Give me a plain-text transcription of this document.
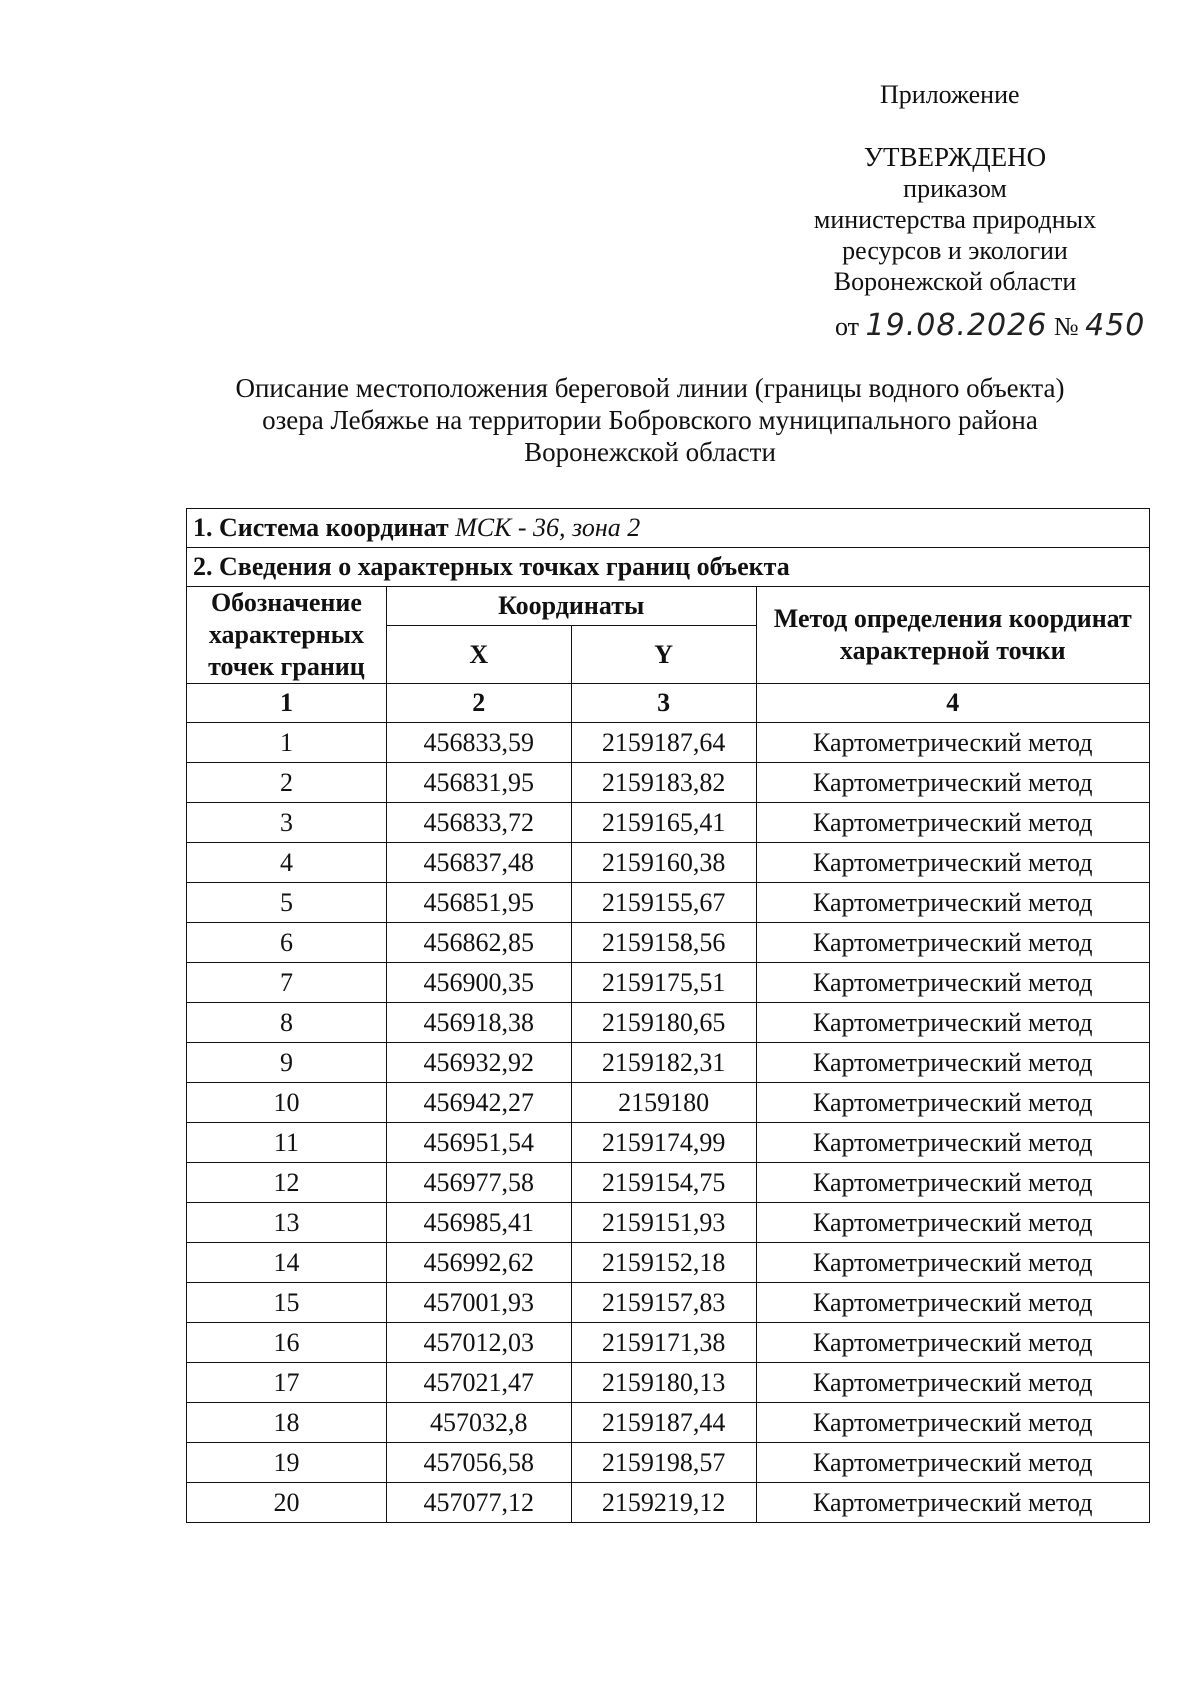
Приложение
УТВЕРЖДЕНО
приказом
министерства природных
ресурсов и экологии
Воронежской области
от 19.08.2026 № 450
Описание местоположения береговой линии (границы водного объекта)
озера Лебяжье на территории Бобровского муниципального района
Воронежской области
1. Система координат МСК - 36, зона 2			
2. Сведения о характерных точках границ объекта			
Обозначение характерных точек границ	Координаты		Метод определения координат характерной точки
	X	Y	
1	2	3	4
1	456833,59	2159187,64	Картометрический метод
2	456831,95	2159183,82	Картометрический метод
3	456833,72	2159165,41	Картометрический метод
4	456837,48	2159160,38	Картометрический метод
5	456851,95	2159155,67	Картометрический метод
6	456862,85	2159158,56	Картометрический метод
7	456900,35	2159175,51	Картометрический метод
8	456918,38	2159180,65	Картометрический метод
9	456932,92	2159182,31	Картометрический метод
10	456942,27	2159180	Картометрический метод
11	456951,54	2159174,99	Картометрический метод
12	456977,58	2159154,75	Картометрический метод
13	456985,41	2159151,93	Картометрический метод
14	456992,62	2159152,18	Картометрический метод
15	457001,93	2159157,83	Картометрический метод
16	457012,03	2159171,38	Картометрический метод
17	457021,47	2159180,13	Картометрический метод
18	457032,8	2159187,44	Картометрический метод
19	457056,58	2159198,57	Картометрический метод
20	457077,12	2159219,12	Картометрический метод
